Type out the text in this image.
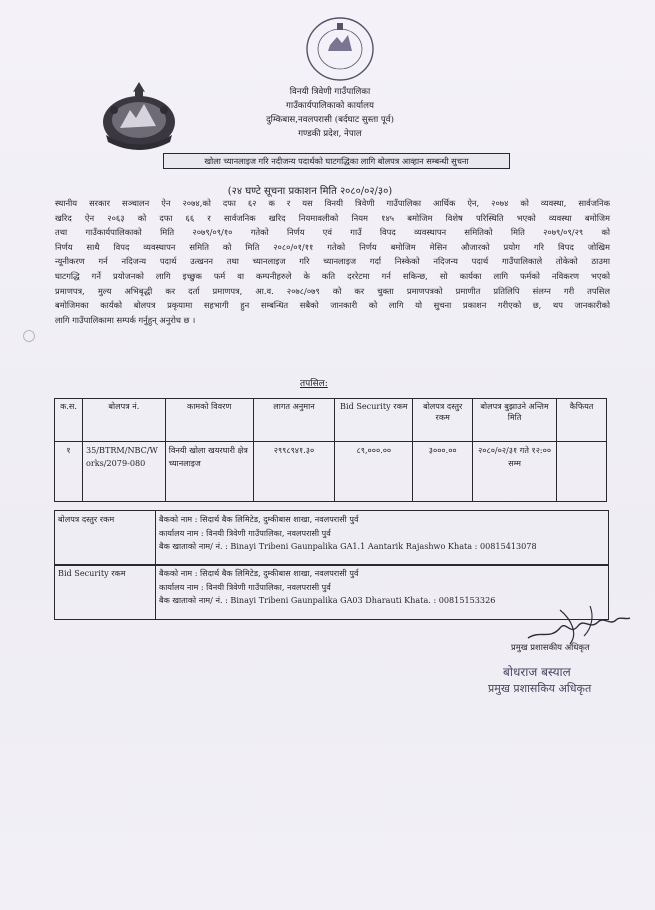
विनयी त्रिवेणी गाउँपालिका
गाउँकार्यपालिकाको कार्यालय
दुम्किबास,नवलपरासी (बर्दघाट सुस्ता पूर्व)
गण्डकी प्रदेश, नेपाल
खोला च्यानलाइज गरि नदीजन्य पदार्थको घाटगद्धिका लागि बोलपत्र आव्हान सम्बन्धी सुचना
(२४ घण्टे सूचना प्रकाशन मिति २०८०/०२/३०)
स्थानीय सरकार सञ्चालन ऐन २०७४,को दफा ६२ क र यस विनयी त्रिवेणी गाउँपालिका आर्थिक ऐन, २०७४ को व्यवस्था, सार्वजनिक
खरिद ऐन २०६३ को दफा ६६ र सार्वजनिक खरिद नियमावलीको नियम १४५ बमोजिम विशेष परिस्थिति भएको व्यवस्था बमोजिम
तथा गाउँकार्यपालिकाको मिति २०७९/०९/१० गतेको निर्णय एवं गाउँ विपद व्यवस्थापन समितिको मिति २०७९/०९/२९ को
निर्णय साथै विपद व्यवस्थापन समिति को मिति २०८०/०१/११ गतेको निर्णय बमोजिम मेसिन औजारको प्रयोग गरि विपद जोखिम
न्यूनीकरण गर्न नदिजन्य पदार्थ उत्खनन तथा च्यानलाइज गरि च्यानलाइज गर्दा निस्केको नदिजन्य पदार्थ गाउँपालिकाले तोकेको ठाउमा
घाटगद्धि गर्ने प्रयोजनको लागि इच्छुक फर्म वा कम्पनीहरुले के कति दररेटमा गर्न सकिन्छ, सो कार्यका लागि फर्मको नविकरण भएको
प्रमाणपत्र, मुल्य अभिबृद्धी कर दर्ता प्रमाणपत्र, आ.व. २०७८/०७९ को कर चुक्ता प्रमाणपत्रको प्रमाणीत प्रतिलिपि संलग्न गरी तपसिल
बमोजिमका कार्यको बोलपत्र प्रकृयामा सहभागी हुन सम्बन्धित सबैको जानकारी को लागि यो सुचना प्रकाशन गरीएको छ, थप जानकारीको
लागि गाउँपालिकामा सम्पर्क गर्नुहुन् अनुरोध छ ।
तपसिल:
क.स.	बोलपत्र नं.	कामको विवरण	लागत अनुमान	Bid Security रकम	बोलपत्र दस्तुर रकम	बोलपत्र बुझाउने अन्तिम मिति	कैफियत
१	35/BTRM/NBC/Works/2079-080	विनयी खोला खयरघारी क्षेत्र च्यानलाइज	२९९८९४१.३०	८९,०००.००	३०००.००	२०८०/०२/३१ गते १२:०० सम्म	
बोलपत्र दस्तुर रकम	बैकको नाम : सिदार्थ बैक लिमिटेड, दुम्कीबास शाखा, नवलपरासी पुर्व
कार्यालय नाम : विनयी त्रिवेणी गाउँपालिका, नवलपरासी पुर्व
बैक खाताको नाम/ नं. : Binayi Tribeni Gaunpalika GA1.1 Aantarik Rajashwo Khata : 00815413078
Bid Security रकम	बैकको नाम : सिदार्थ बैक लिमिटेड, दुम्कीबास शाखा, नवलपरासी पुर्व
कार्यालय नाम : विनयी त्रिवेणी गाउँपालिका, नवलपरासी पुर्व
बैक खाताको नाम/ नं. : Binayi Tribeni Gaunpalika GA03 Dharauti Khata. : 00815153326
प्रमुख प्रशासकीय अधिकृत
बोधराज बस्याल
प्रमुख प्रशासकिय अधिकृत
